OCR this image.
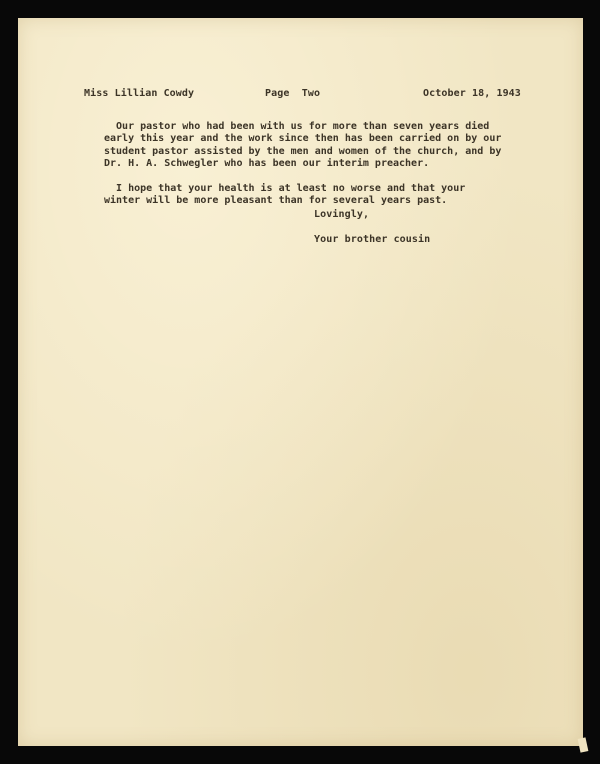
Miss Lillian Cowdy	Page  Two	October 18, 1943
Our pastor who had been with us for more than seven years died
early this year and the work since then has been carried on by our
student pastor assisted by the men and women of the church, and by
Dr. H. A. Schwegler who has been our interim preacher.
I hope that your health is at least no worse and that your
winter will be more pleasant than for several years past.
Lovingly,
Your brother cousin
